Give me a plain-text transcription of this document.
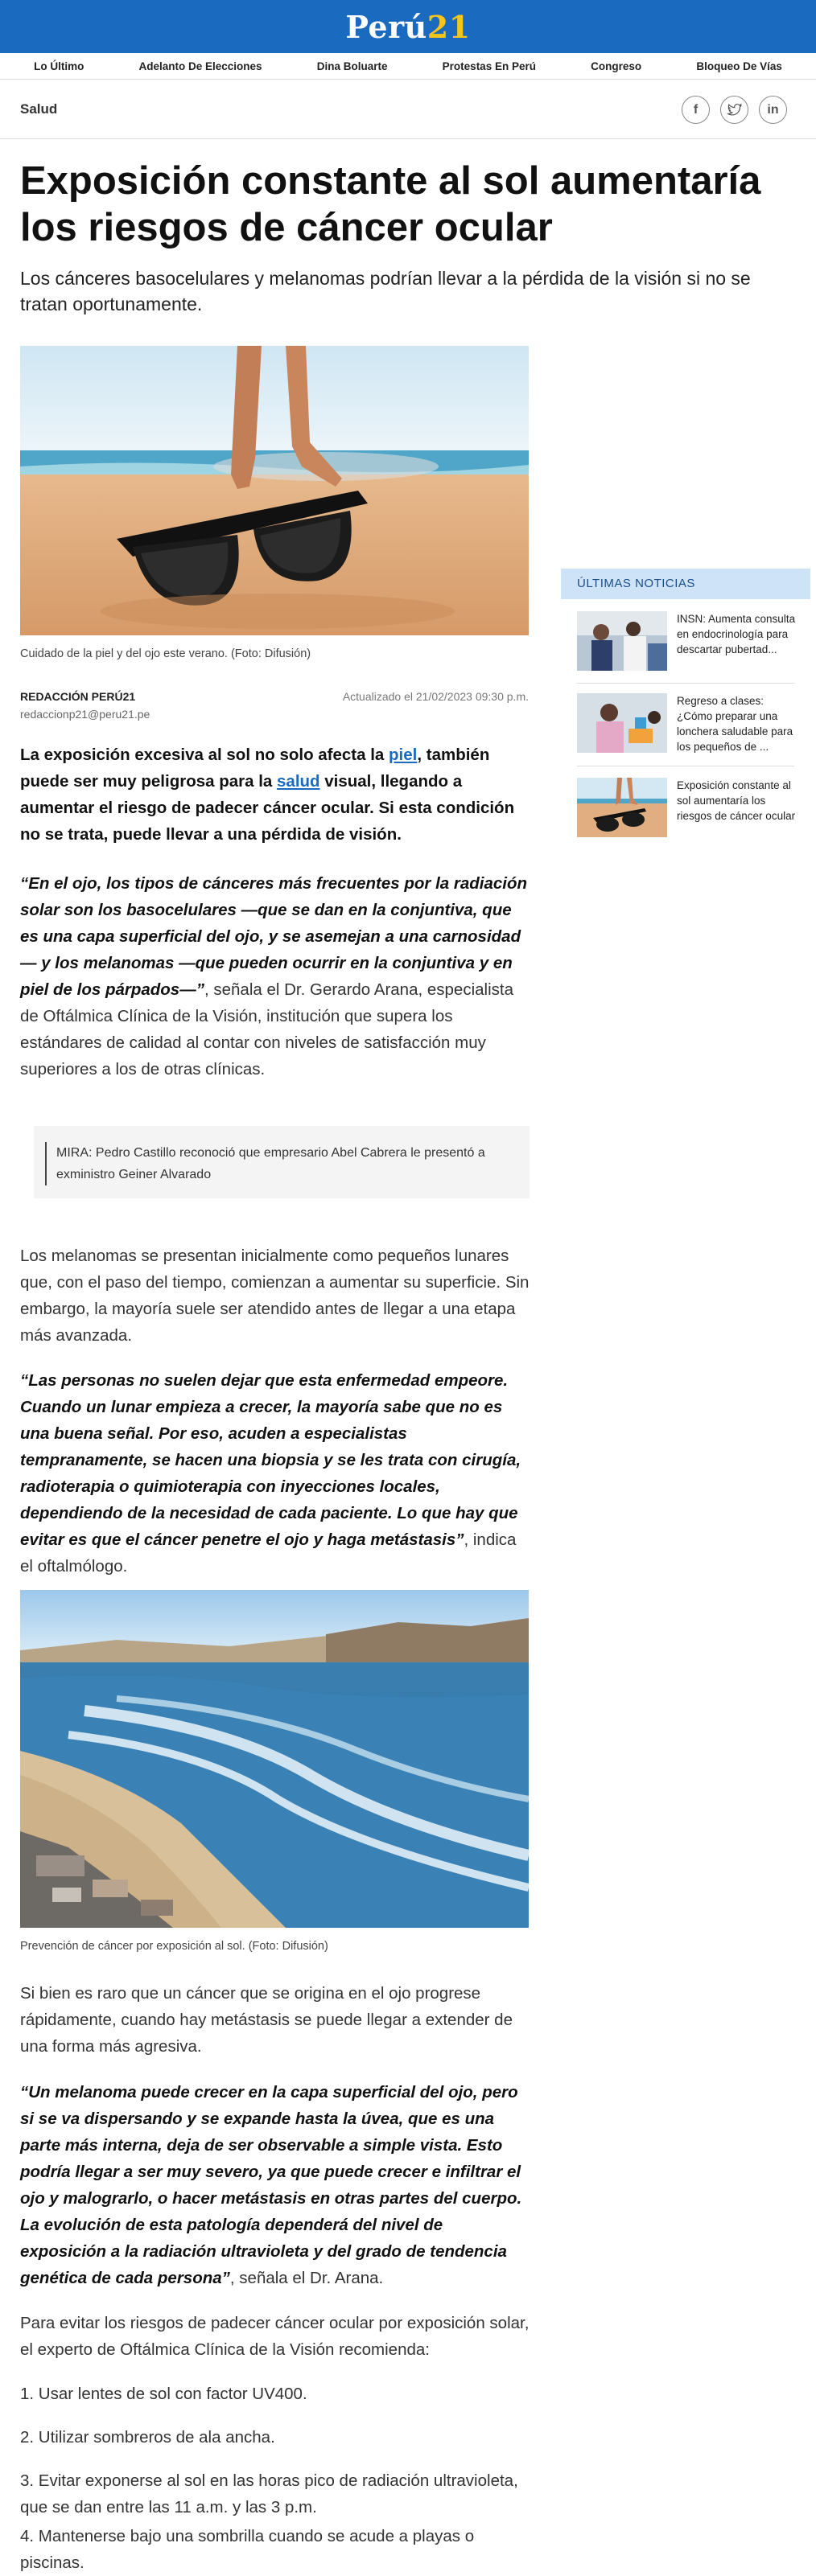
Perú21
Lo Último	Adelanto De Elecciones	Dina Boluarte	Protestas En Perú	Congreso	Bloqueo De Vías
Salud	f	in
Exposición constante al sol aumentaría los riesgos de cáncer ocular

Los cánceres basocelulares y melanomas podrían llevar a la pérdida de la visión si no se tratan oportunamente.

Cuidado de la piel y del ojo este verano. (Foto: Difusión)
REDACCIÓN PERÚ21
redaccionp21@peru21.pe
Actualizado el 21/02/2023 09:30 p.m.

La exposición excesiva al sol no solo afecta la piel, también puede ser muy peligrosa para la salud visual, llegando a aumentar el riesgo de padecer cáncer ocular. Si esta condición no se trata, puede llevar a una pérdida de visión.

“En el ojo, los tipos de cánceres más frecuentes por la radiación solar son los basocelulares —que se dan en la conjuntiva, que es una capa superficial del ojo, y se asemejan a una carnosidad— y los melanomas —que pueden ocurrir en la conjuntiva y en piel de los párpados—”, señala el Dr. Gerardo Arana, especialista de Oftálmica Clínica de la Visión, institución que supera los estándares de calidad al contar con niveles de satisfacción muy superiores a los de otras clínicas.

MIRA: Pedro Castillo reconoció que empresario Abel Cabrera le presentó a exministro Geiner Alvarado

Los melanomas se presentan inicialmente como pequeños lunares que, con el paso del tiempo, comienzan a aumentar su superficie. Sin embargo, la mayoría suele ser atendido antes de llegar a una etapa más avanzada.

“Las personas no suelen dejar que esta enfermedad empeore. Cuando un lunar empieza a crecer, la mayoría sabe que no es una buena señal. Por eso, acuden a especialistas tempranamente, se hacen una biopsia y se les trata con cirugía, radioterapia o quimioterapia con inyecciones locales, dependiendo de la necesidad de cada paciente. Lo que hay que evitar es que el cáncer penetre el ojo y haga metástasis”, indica el oftalmólogo.

Prevención de cáncer por exposición al sol. (Foto: Difusión)

Si bien es raro que un cáncer que se origina en el ojo progrese rápidamente, cuando hay metástasis se puede llegar a extender de una forma más agresiva.

“Un melanoma puede crecer en la capa superficial del ojo, pero si se va dispersando y se expande hasta la úvea, que es una parte más interna, deja de ser observable a simple vista. Esto podría llegar a ser muy severo, ya que puede crecer e infiltrar el ojo y malograrlo, o hacer metástasis en otras partes del cuerpo. La evolución de esta patología dependerá del nivel de exposición a la radiación ultravioleta y del grado de tendencia genética de cada persona”, señala el Dr. Arana.

Para evitar los riesgos de padecer cáncer ocular por exposición solar, el experto de Oftálmica Clínica de la Visión recomienda:

1. Usar lentes de sol con factor UV400.

2. Utilizar sombreros de ala ancha.

3. Evitar exponerse al sol en las horas pico de radiación ultravioleta, que se dan entre las 11 a.m. y las 3 p.m.

4. Mantenerse bajo una sombrilla cuando se acude a playas o piscinas.

ÚLTIMAS NOTICIAS
INSN: Aumenta consulta en endocrinología para descartar pubertad...
Regreso a clases: ¿Cómo preparar una lonchera saludable para los pequeños de ...
Exposición constante al sol aumentaría los riesgos de cáncer ocular
